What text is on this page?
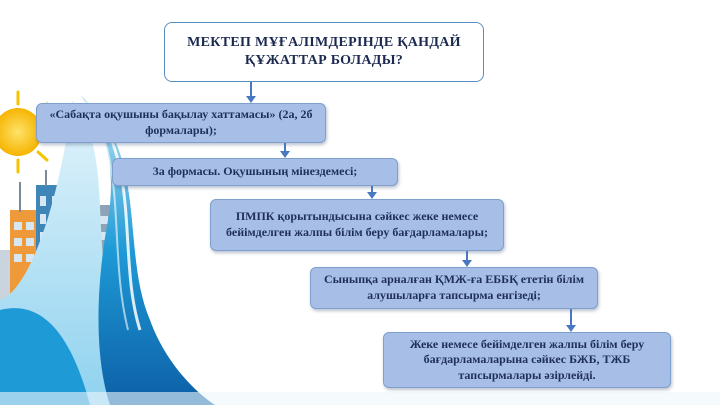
МЕКТЕП МҰҒАЛІМДЕРІНДЕ ҚАНДАЙ ҚҰЖАТТАР БОЛАДЫ?
«Сабақта оқушыны бақылау хаттамасы» (2а, 2б формалары);
3а формасы. Оқушының мінездемесі;
ПМПК қорытындысына сәйкес жеке немесе бейімделген жалпы білім беру бағдарламалары;
Сыныпқа арналған ҚМЖ-ға ЕББҚ ететін білім алушыларға тапсырма енгізеді;
Жеке немесе бейімделген жалпы білім беру бағдарламаларына сәйкес БЖБ, ТЖБ тапсырмалары әзірлейді.
